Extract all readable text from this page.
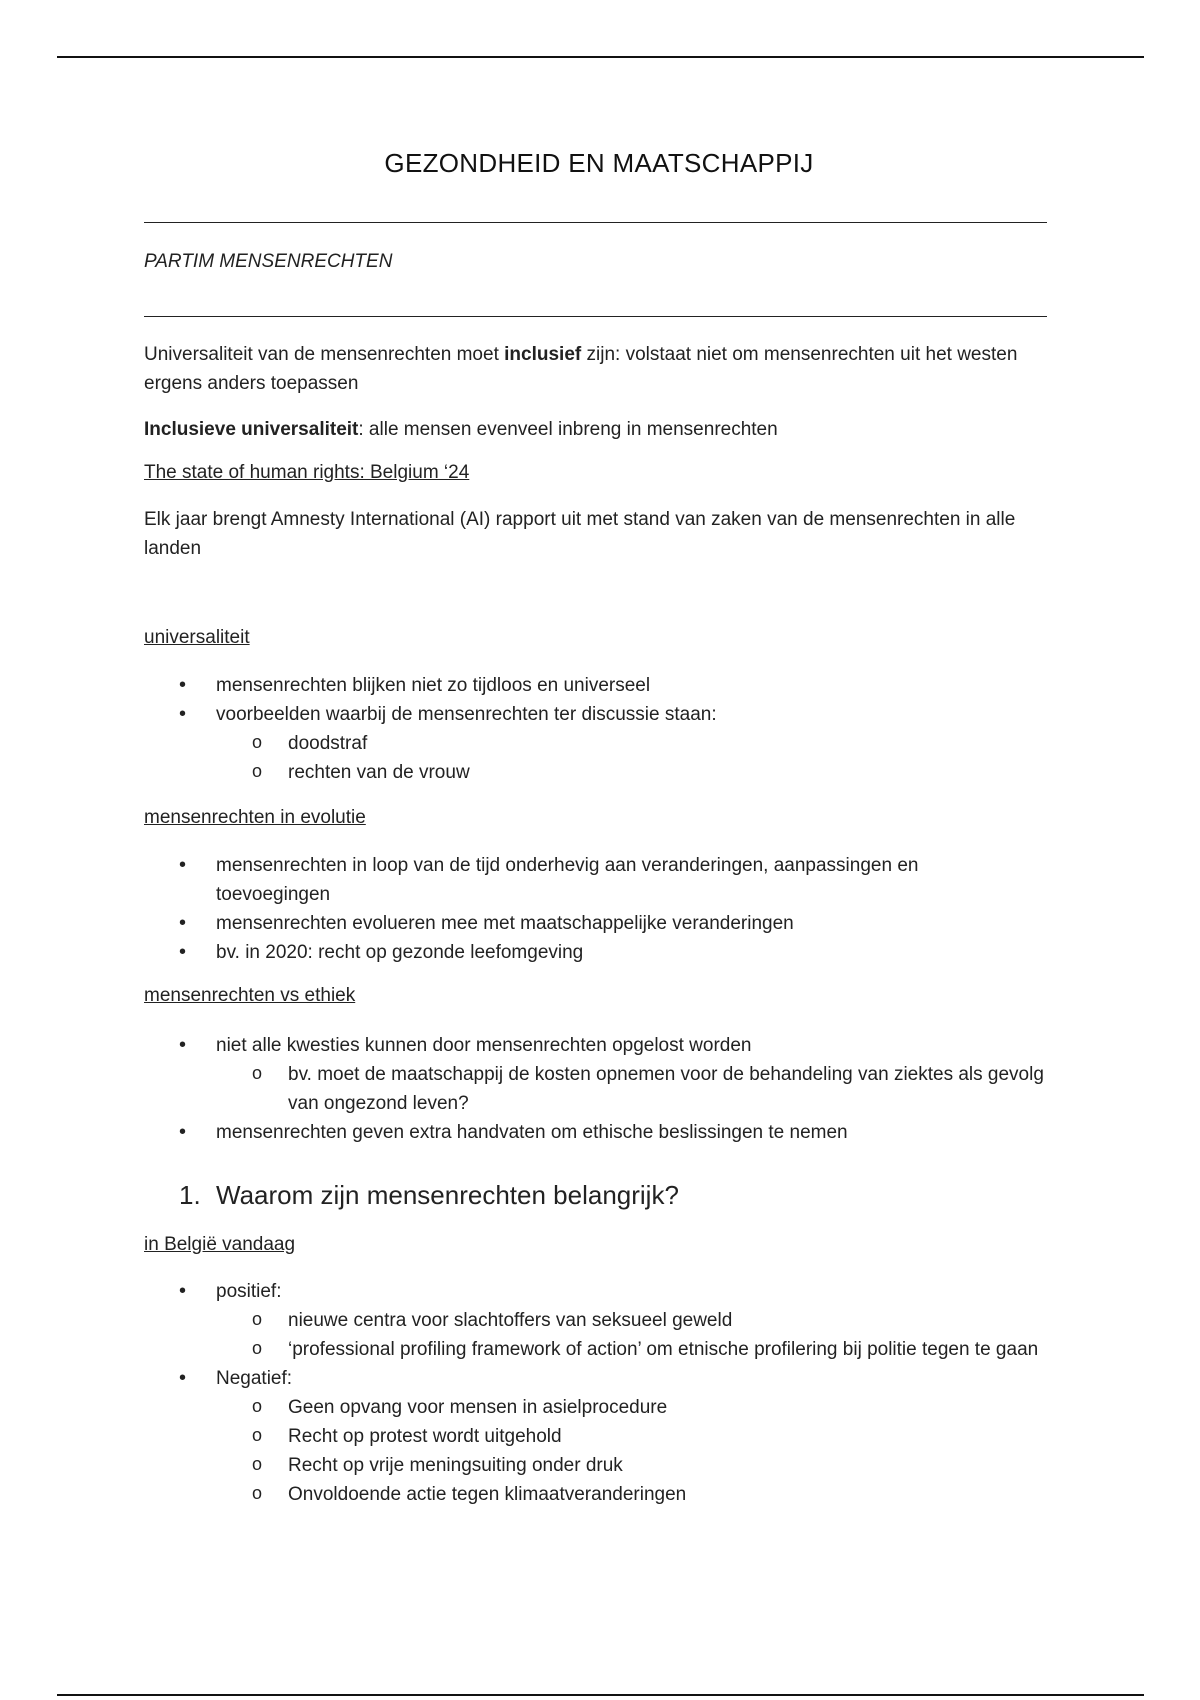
GEZONDHEID EN MAATSCHAPPIJ
PARTIM MENSENRECHTEN
Universaliteit van de mensenrechten moet inclusief zijn: volstaat niet om mensenrechten uit het westen ergens anders toepassen
Inclusieve universaliteit: alle mensen evenveel inbreng in mensenrechten
The state of human rights: Belgium ‘24
Elk jaar brengt Amnesty International (AI) rapport uit met stand van zaken van de mensenrechten in alle landen
universaliteit
• mensenrechten blijken niet zo tijdloos en universeel
• voorbeelden waarbij de mensenrechten ter discussie staan:
o doodstraf
o rechten van de vrouw
mensenrechten in evolutie
• mensenrechten in loop van de tijd onderhevig aan veranderingen, aanpassingen en toevoegingen
• mensenrechten evolueren mee met maatschappelijke veranderingen
• bv. in 2020: recht op gezonde leefomgeving
mensenrechten vs ethiek
• niet alle kwesties kunnen door mensenrechten opgelost worden
o bv. moet de maatschappij de kosten opnemen voor de behandeling van ziektes als gevolg van ongezond leven?
• mensenrechten geven extra handvaten om ethische beslissingen te nemen
1. Waarom zijn mensenrechten belangrijk?
in België vandaag
• positief:
o nieuwe centra voor slachtoffers van seksueel geweld
o ‘professional profiling framework of action’ om etnische profilering bij politie tegen te gaan
• Negatief:
o Geen opvang voor mensen in asielprocedure
o Recht op protest wordt uitgehold
o Recht op vrije meningsuiting onder druk
o Onvoldoende actie tegen klimaatveranderingen
